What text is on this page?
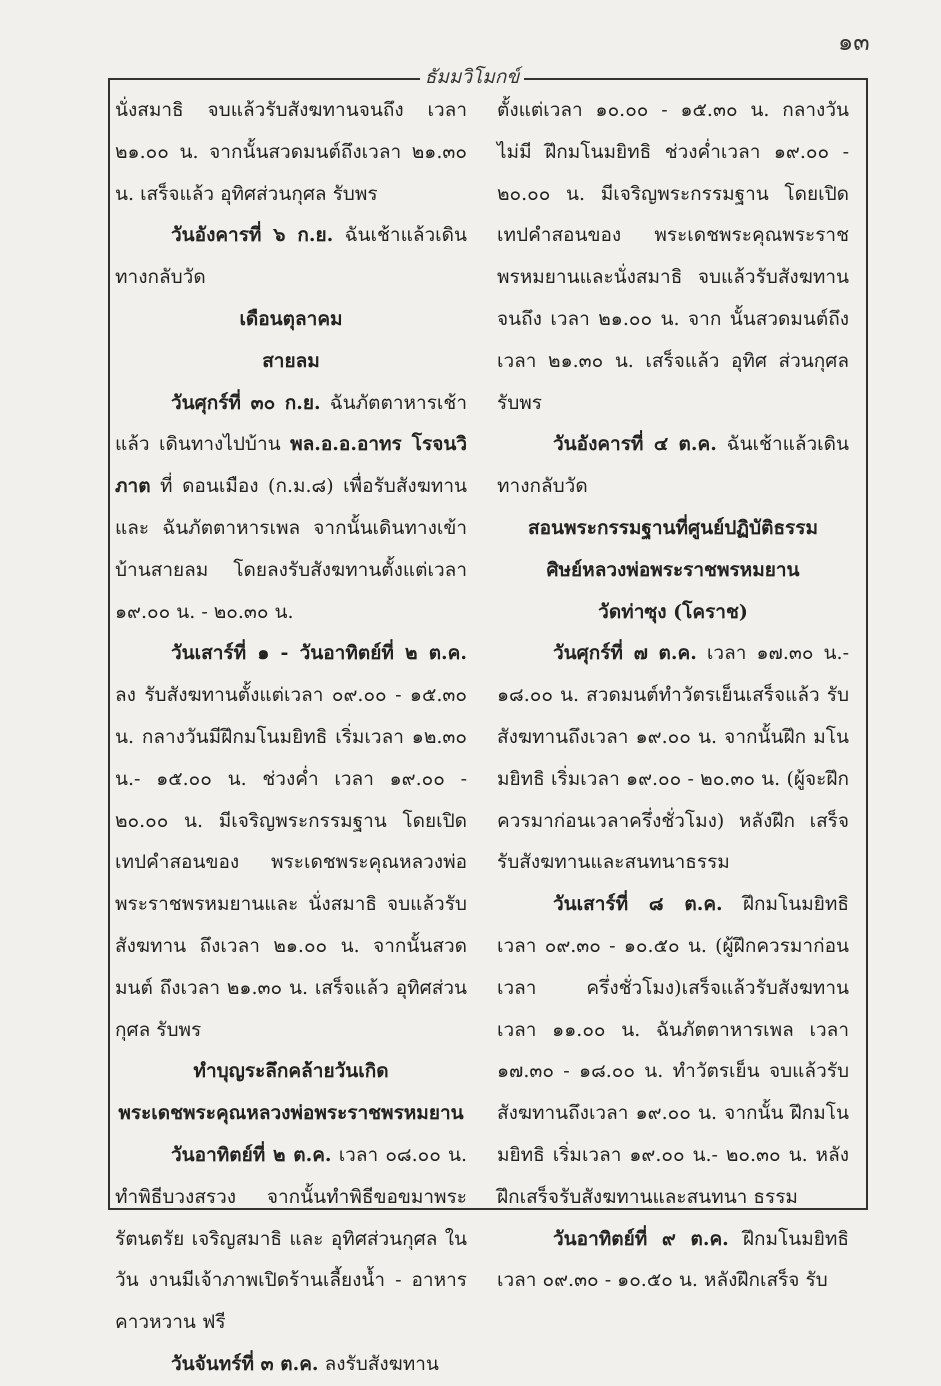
๑๓
ธัมมวิโมกข์

นั่งสมาธิ จบแล้วรับสังฆทานจนถึง เวลา ๒๑.๐๐ น. จากนั้นสวดมนต์ถึงเวลา ๒๑.๓๐ น. เสร็จแล้ว อุทิศส่วนกุศล รับพร

วันอังคารที่ ๖ ก.ย. ฉันเช้าแล้วเดิน ทางกลับวัด

เดือนตุลาคม

สายลม

วันศุกร์ที่ ๓๐ ก.ย. ฉันภัตตาหารเช้าแล้ว เดินทางไปบ้าน พล.อ.อ.อาทร โรจนวิภาต ที่ ดอนเมือง (ก.ม.๘) เพื่อรับสังฆทาน และ ฉันภัตตาหารเพล จากนั้นเดินทางเข้าบ้านสายลม โดยลงรับสังฆทานตั้งแต่เวลา ๑๙.๐๐ น. - ๒๐.๓๐ น.

วันเสาร์ที่ ๑ - วันอาทิตย์ที่ ๒ ต.ค. ลง รับสังฆทานตั้งแต่เวลา ๐๙.๐๐ - ๑๕.๓๐ น. กลางวันมีฝึกมโนมยิทธิ เริ่มเวลา ๑๒.๓๐ น.- ๑๕.๐๐ น. ช่วงค่ำ เวลา ๑๙.๐๐ - ๒๐.๐๐ น. มีเจริญพระกรรมฐาน โดยเปิดเทปคำสอนของ พระเดชพระคุณหลวงพ่อพระราชพรหมยานและ นั่งสมาธิ จบแล้วรับสังฆทาน ถึงเวลา ๒๑.๐๐ น. จากนั้นสวดมนต์ ถึงเวลา ๒๑.๓๐ น. เสร็จแล้ว อุทิศส่วนกุศล รับพร

ทำบุญระลึกคล้ายวันเกิด

พระเดชพระคุณหลวงพ่อพระราชพรหมยาน

วันอาทิตย์ที่ ๒ ต.ค. เวลา ๐๘.๐๐ น. ทำพิธีบวงสรวง จากนั้นทำพิธีขอขมาพระ รัตนตรัย เจริญสมาธิ และ อุทิศส่วนกุศล ในวัน งานมีเจ้าภาพเปิดร้านเลี้ยงน้ำ - อาหารคาวหวาน ฟรี

วันจันทร์ที่ ๓ ต.ค. ลงรับสังฆทาน

ตั้งแต่เวลา ๑๐.๐๐ - ๑๕.๓๐ น. กลางวันไม่มี ฝึกมโนมยิทธิ ช่วงค่ำเวลา ๑๙.๐๐ - ๒๐.๐๐ น. มีเจริญพระกรรมฐาน โดยเปิดเทปคำสอนของ พระเดชพระคุณพระราชพรหมยานและนั่งสมาธิ จบแล้วรับสังฆทานจนถึง เวลา ๒๑.๐๐ น. จาก นั้นสวดมนต์ถึงเวลา ๒๑.๓๐ น. เสร็จแล้ว อุทิศ ส่วนกุศล รับพร

วันอังคารที่ ๔ ต.ค. ฉันเช้าแล้วเดิน ทางกลับวัด

สอนพระกรรมฐานที่ศูนย์ปฏิบัติธรรม

ศิษย์หลวงพ่อพระราชพรหมยาน

วัดท่าซุง (โคราช)

วันศุกร์ที่ ๗ ต.ค. เวลา ๑๗.๓๐ น.- ๑๘.๐๐ น. สวดมนต์ทำวัตรเย็นเสร็จแล้ว รับ สังฆทานถึงเวลา ๑๙.๐๐ น. จากนั้นฝึก มโนมยิทธิ เริ่มเวลา ๑๙.๐๐ - ๒๐.๓๐ น. (ผู้จะฝึกควรมาก่อนเวลาครึ่งชั่วโมง) หลังฝึก เสร็จ รับสังฆทานและสนทนาธรรม

วันเสาร์ที่ ๘ ต.ค. ฝึกมโนมยิทธิ เวลา ๐๙.๓๐ - ๑๐.๕๐ น. (ผู้ฝึกควรมาก่อนเวลา ครึ่งชั่วโมง)เสร็จแล้วรับสังฆทาน เวลา ๑๑.๐๐ น. ฉันภัตตาหารเพล เวลา ๑๗.๓๐ - ๑๘.๐๐ น. ทำวัตรเย็น จบแล้วรับสังฆทานถึงเวลา ๑๙.๐๐ น. จากนั้น ฝึกมโนมยิทธิ เริ่มเวลา ๑๙.๐๐ น.- ๒๐.๓๐ น. หลังฝึกเสร็จรับสังฆทานและสนทนา ธรรม

วันอาทิตย์ที่ ๙ ต.ค. ฝึกมโนมยิทธิ เวลา ๐๙.๓๐ - ๑๐.๕๐ น. หลังฝึกเสร็จ รับ
